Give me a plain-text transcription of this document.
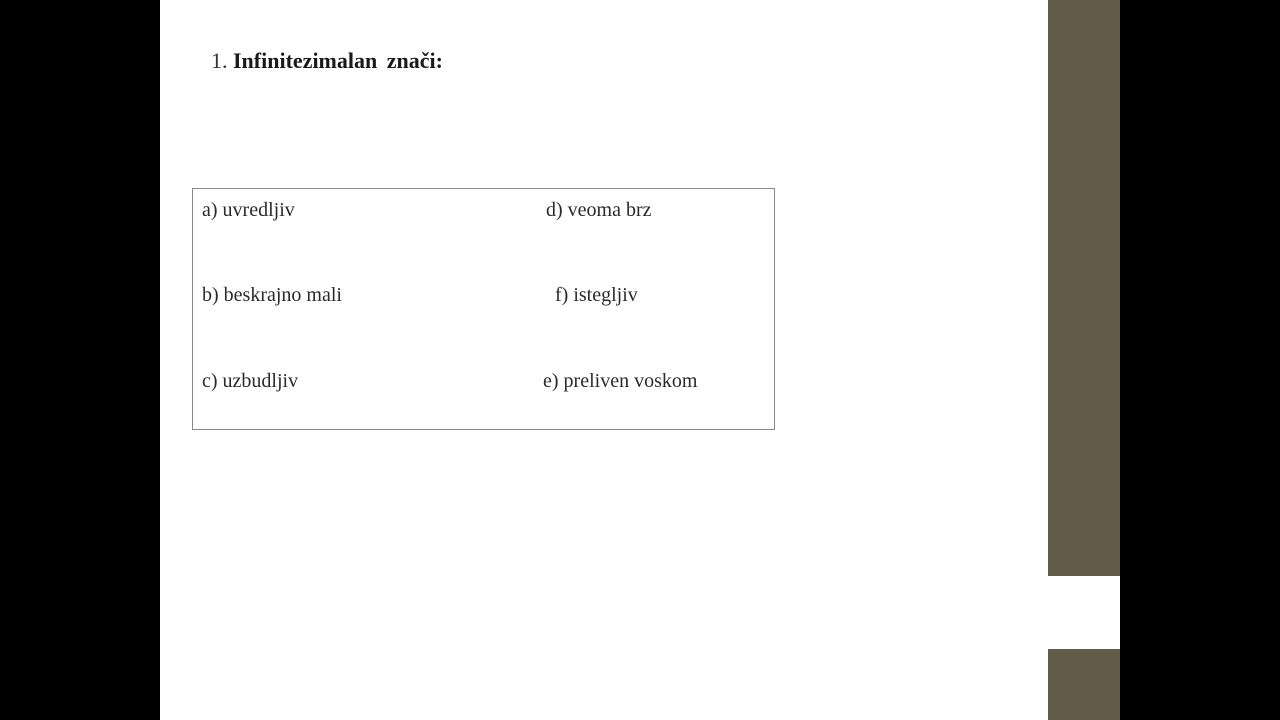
1. Infinitezimalan znači:
a) uvredljiv	d) veoma brz
b) beskrajno mali	f) istegljiv
c) uzbudljiv	e) preliven voskom
